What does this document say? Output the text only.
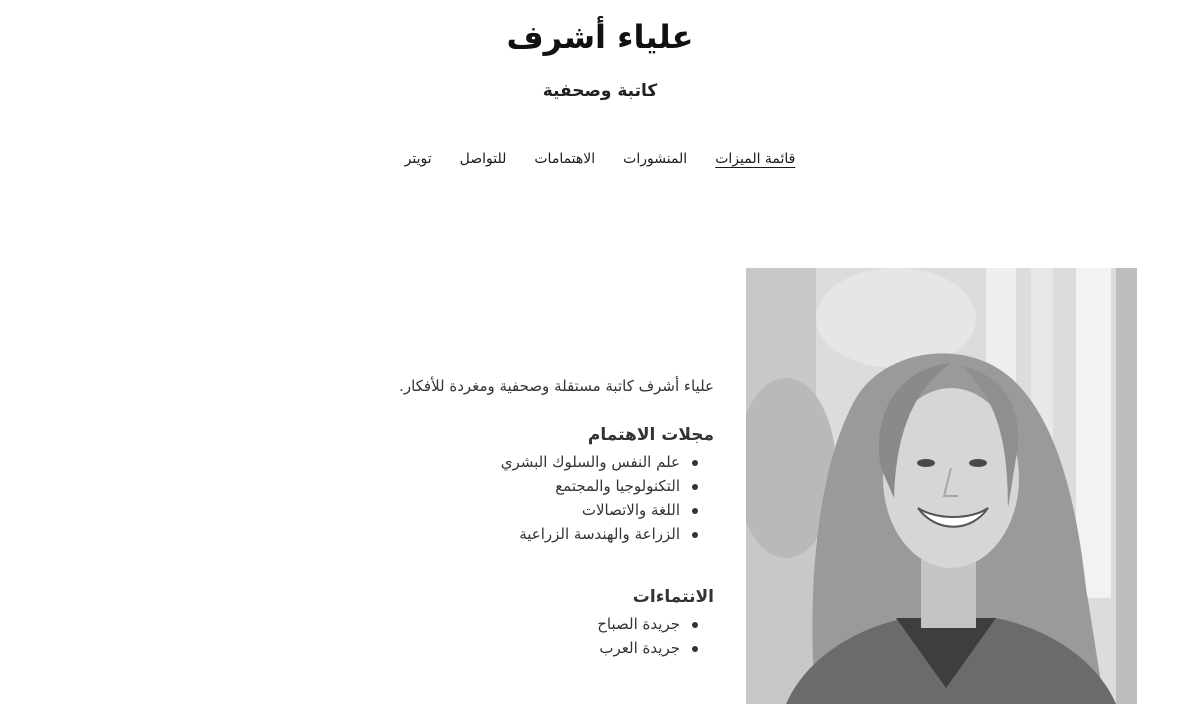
علياء أشرف

كاتبة وصحفية

قائمة الميزات
المنشورات
الاهتمامات
للتواصل
تويتر

علياء أشرف كاتبة مستقلة وصحفية ومغردة للأفكار.

مجلات الاهتمام
علم النفس والسلوك البشري
التكنولوجيا والمجتمع
اللغة والاتصالات
الزراعة والهندسة الزراعية
الانتماءات
جريدة الصباح
جريدة العرب
